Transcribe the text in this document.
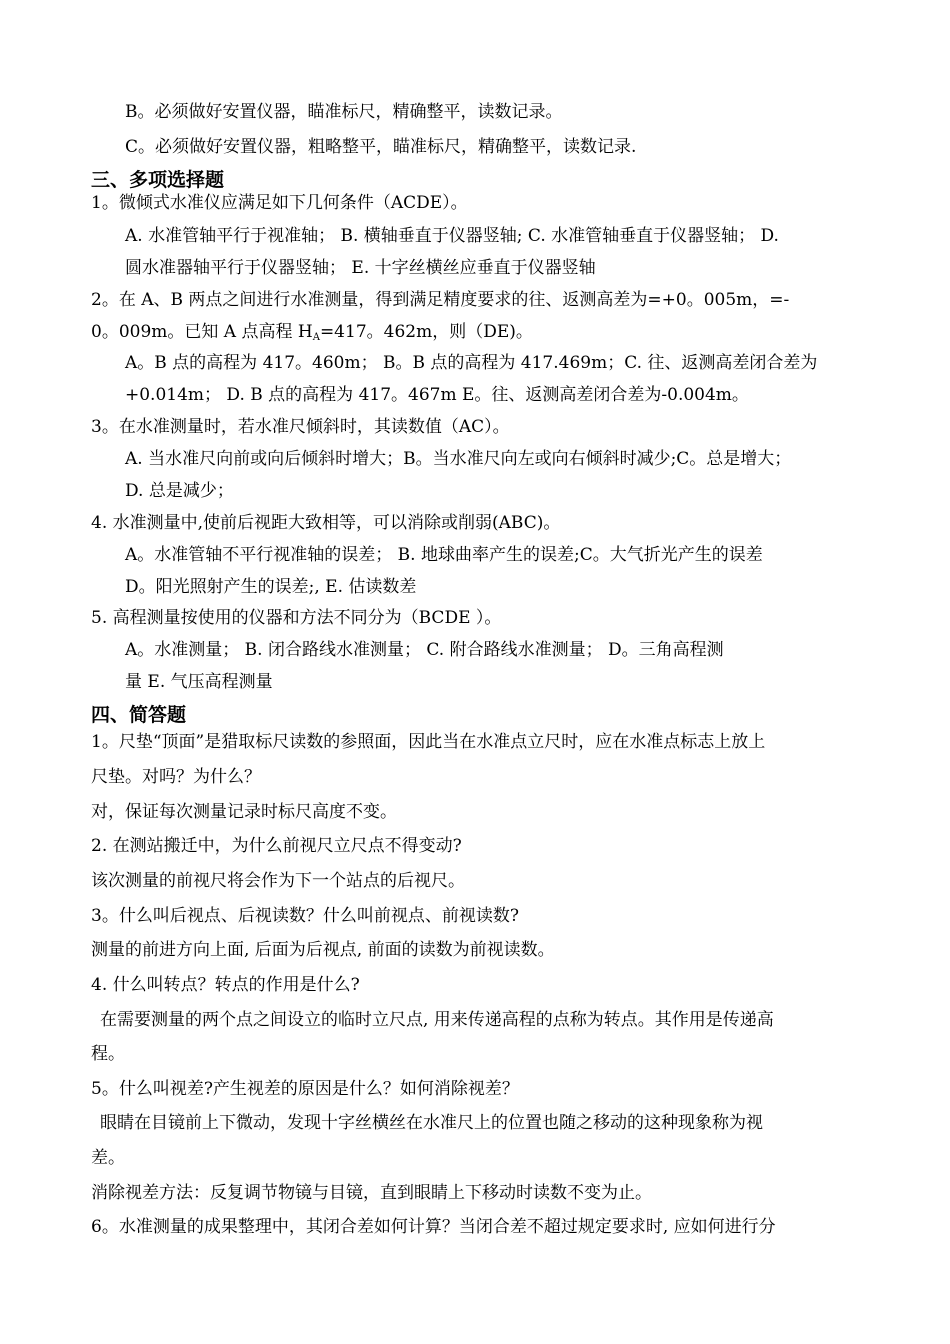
B。必须做好安置仪器，瞄准标尺，精确整平，读数记录。
C。必须做好安置仪器，粗略整平，瞄准标尺，精确整平，读数记录.
三、多项选择题
1。微倾式水准仪应满足如下几何条件（ACDE）。
A. 水准管轴平行于视准轴； B. 横轴垂直于仪器竖轴; C. 水准管轴垂直于仪器竖轴； D.
圆水准器轴平行于仪器竖轴； E. 十字丝横丝应垂直于仪器竖轴
2。在 A、B 两点之间进行水准测量，得到满足精度要求的往、返测高差为=+0。005m，=-
0。009m。已知 A 点高程 $H_A=417$。462m，则（DE)。
A。B 点的高程为 417。460m； B。B 点的高程为 417.469m；C. 往、返测高差闭合差为
+0.014m； D. B 点的高程为 417。467m E。往、返测高差闭合差为-0.004m。
3。在水准测量时，若水准尺倾斜时，其读数值（AC）。
A. 当水准尺向前或向后倾斜时增大；B。当水准尺向左或向右倾斜时减少;C。总是增大；
D. 总是减少；
4. 水准测量中,使前后视距大致相等，可以消除或削弱(ABC)。
A。水准管轴不平行视准轴的误差； B. 地球曲率产生的误差;C。大气折光产生的误差
D。阳光照射产生的误差;, E. 估读数差
5. 高程测量按使用的仪器和方法不同分为（BCDE ）。
A。水准测量； B. 闭合路线水准测量； C. 附合路线水准测量； D。三角高程测
量 E. 气压高程测量
四、简答题
1。尺垫“顶面”是猎取标尺读数的参照面，因此当在水准点立尺时，应在水准点标志上放上
尺垫。对吗？为什么？
对，保证每次测量记录时标尺高度不变。
2. 在测站搬迁中，为什么前视尺立尺点不得变动?
该次测量的前视尺将会作为下一个站点的后视尺。
3。什么叫后视点、后视读数？什么叫前视点、前视读数?
测量的前进方向上面, 后面为后视点, 前面的读数为前视读数。
4. 什么叫转点？转点的作用是什么?
在需要测量的两个点之间设立的临时立尺点, 用来传递高程的点称为转点。其作用是传递高
程。
5。什么叫视差?产生视差的原因是什么？如何消除视差？
眼睛在目镜前上下微动，发现十字丝横丝在水准尺上的位置也随之移动的这种现象称为视
差。
消除视差方法：反复调节物镜与目镜，直到眼睛上下移动时读数不变为止。
6。水准测量的成果整理中，其闭合差如何计算？当闭合差不超过规定要求时, 应如何进行分
